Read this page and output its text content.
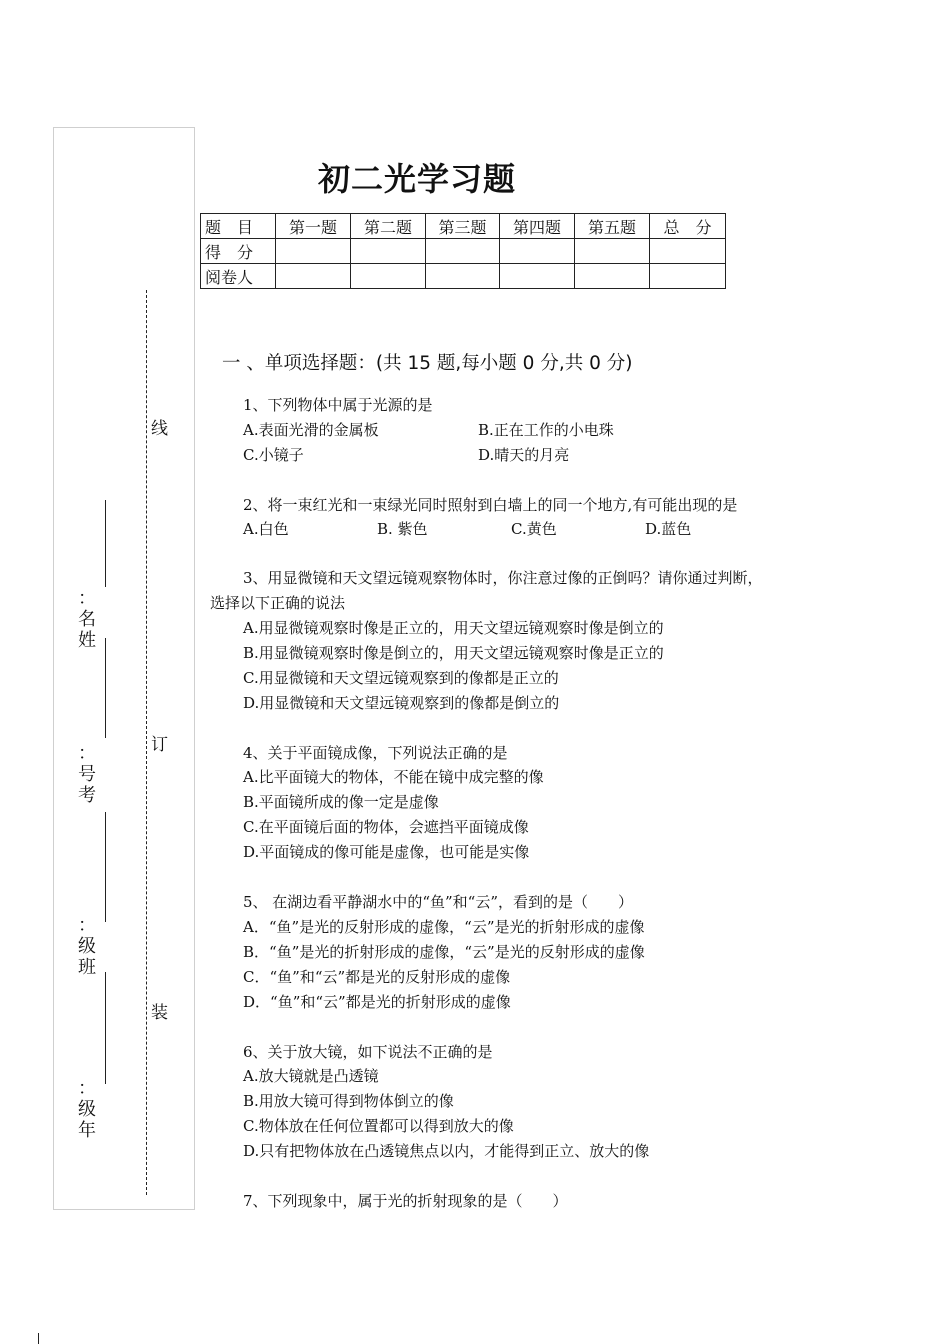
线
订
装
：
名
姓
：
号
考
：
级
班
：
级
年
初二光学习题
题　目	第一题	第二题	第三题	第四题	第五题	总　分
得　分						
阅卷人						
一 、单项选择题：(共 15 题,每小题 0 分,共 0 分)
1、下列物体中属于光源的是
A.表面光滑的金属板	B.正在工作的小电珠
C.小镜子	D.晴天的月亮
2、将一束红光和一束绿光同时照射到白墙上的同一个地方,有可能出现的是
A.白色	B. 紫色	C.黄色	D.蓝色
3、用显微镜和天文望远镜观察物体时，你注意过像的正倒吗？请你通过判断，
选择以下正确的说法
A.用显微镜观察时像是正立的，用天文望远镜观察时像是倒立的
B.用显微镜观察时像是倒立的，用天文望远镜观察时像是正立的
C.用显微镜和天文望远镜观察到的像都是正立的
D.用显微镜和天文望远镜观察到的像都是倒立的
4、关于平面镜成像，下列说法正确的是
A.比平面镜大的物体，不能在镜中成完整的像
B.平面镜所成的像一定是虚像
C.在平面镜后面的物体，会遮挡平面镜成像
D.平面镜成的像可能是虚像，也可能是实像
5、 在湖边看平静湖水中的“鱼”和“云”，看到的是（　　）
A．“鱼”是光的反射形成的虚像，“云”是光的折射形成的虚像
B．“鱼”是光的折射形成的虚像，“云”是光的反射形成的虚像
C．“鱼”和“云”都是光的反射形成的虚像
D．“鱼”和“云”都是光的折射形成的虚像
6、关于放大镜，如下说法不正确的是
A.放大镜就是凸透镜
B.用放大镜可得到物体倒立的像
C.物体放在任何位置都可以得到放大的像
D.只有把物体放在凸透镜焦点以内，才能得到正立、放大的像
7、下列现象中，属于光的折射现象的是（　　）
